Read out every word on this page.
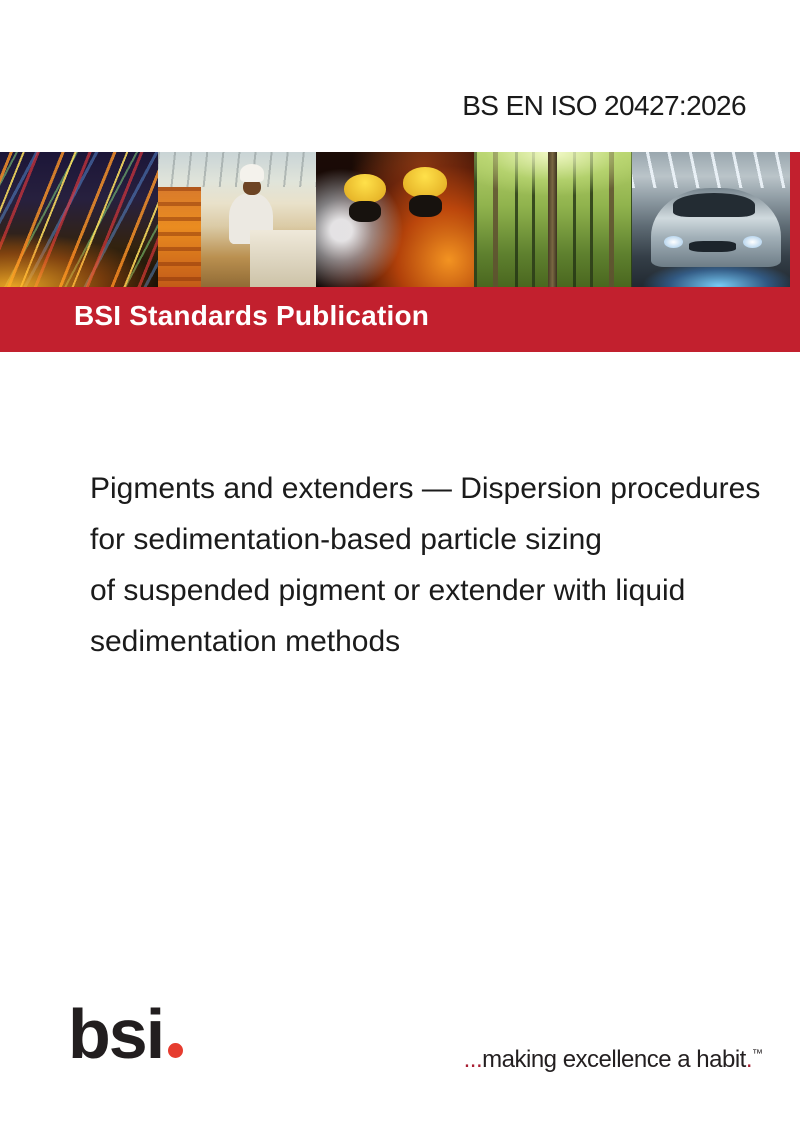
BS EN ISO 20427:2026
BSI Standards Publication
Pigments and extenders — Dispersion procedures
for sedimentation-based particle sizing
of suspended pigment or extender with liquid
sedimentation methods
bsi	...making excellence a habit.™
